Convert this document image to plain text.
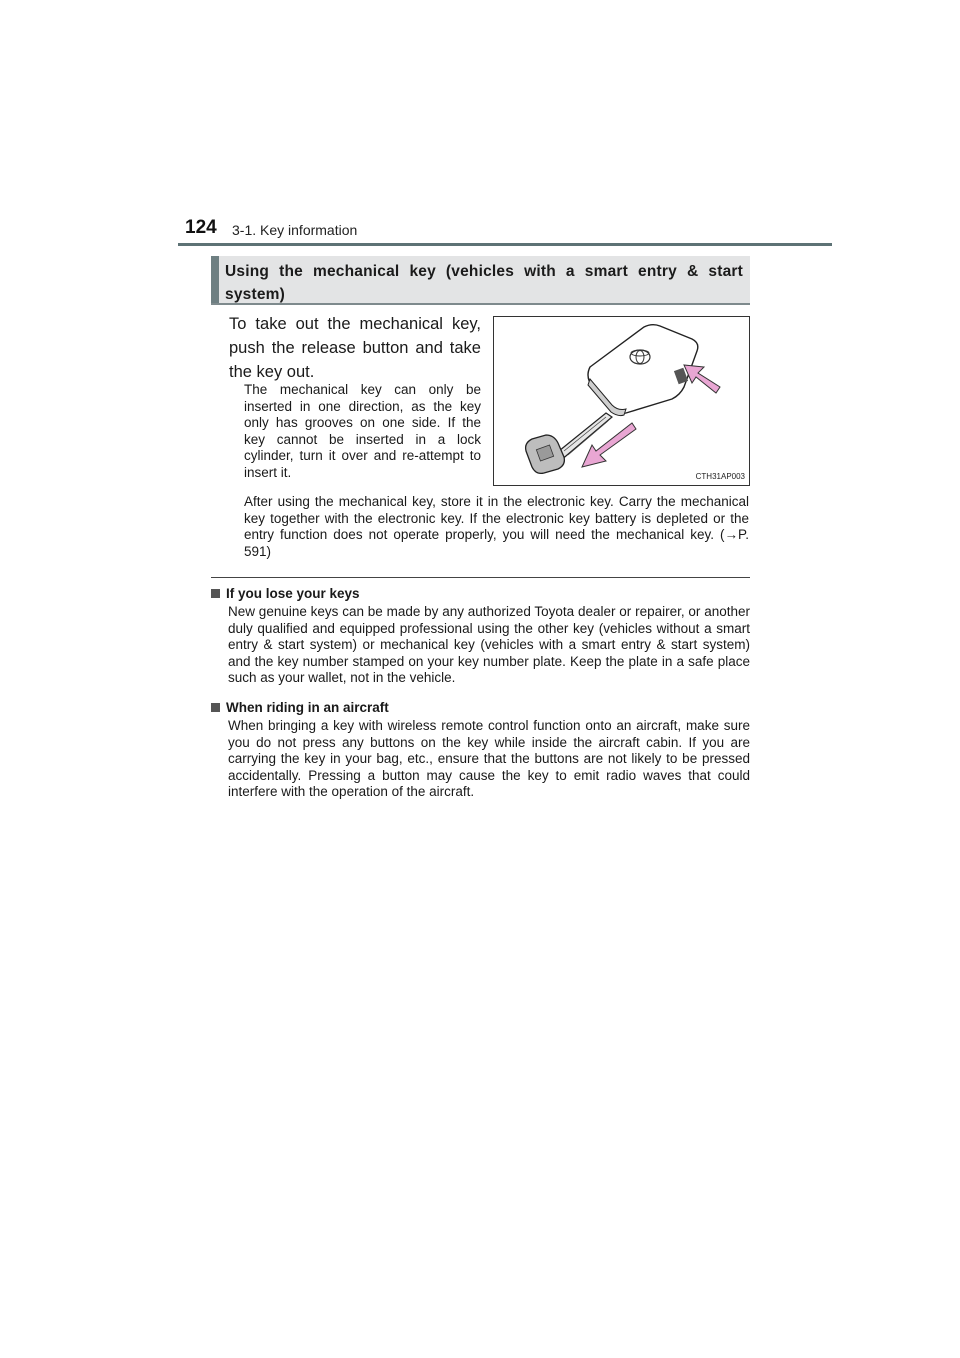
124 3-1. Key information
Using the mechanical key (vehicles with a smart entry & start system)

To take out the mechanical key, push the release button and take the key out.

The mechanical key can only be inserted in one direction, as the key only has grooves on one side. If the key cannot be inserted in a lock cylinder, turn it over and re-attempt to insert it.	CTH31AP003

After using the mechanical key, store it in the electronic key. Carry the mechanical key together with the electronic key. If the electronic key battery is depleted or the entry function does not operate properly, you will need the mechanical key. (→P. 591)

If you lose your keys
New genuine keys can be made by any authorized Toyota dealer or repairer, or another duly qualified and equipped professional using the other key (vehicles without a smart entry & start system) or mechanical key (vehicles with a smart entry & start system) and the key number stamped on your key number plate. Keep the plate in a safe place such as your wallet, not in the vehicle.
When riding in an aircraft
When bringing a key with wireless remote control function onto an aircraft, make sure you do not press any buttons on the key while inside the aircraft cabin. If you are carrying the key in your bag, etc., ensure that the buttons are not likely to be pressed accidentally. Pressing a button may cause the key to emit radio waves that could interfere with the operation of the aircraft.
